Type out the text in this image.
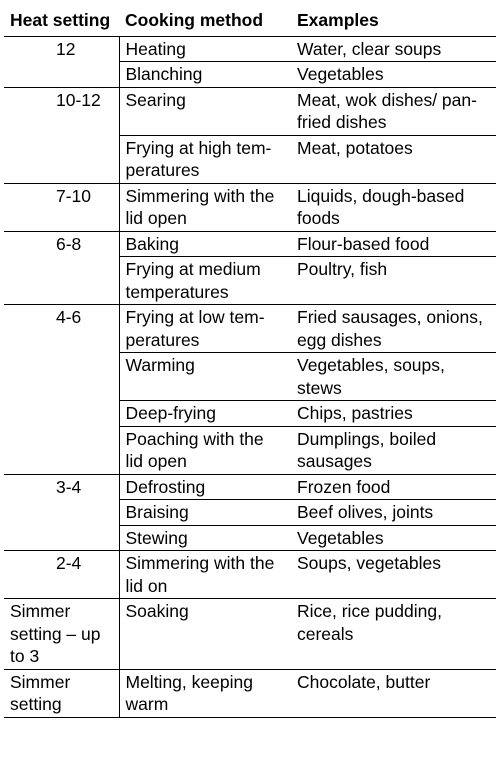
Heat setting	Cooking method	Examples
12	Heating	Water, clear soups
	Blanching	Vegetables
10-12	Searing	Meat, wok dishes/ pan-fried dishes
	Frying at high tem- peratures	Meat, potatoes
7-10	Simmering with the lid open	Liquids, dough-based foods
6-8	Baking	Flour-based food
	Frying at medium temperatures	Poultry, fish
4-6	Frying at low tem- peratures	Fried sausages, onions, egg dishes
	Warming	Vegetables, soups, stews
	Deep-frying	Chips, pastries
	Poaching with the lid open	Dumplings, boiled sausages
3-4	Defrosting	Frozen food
	Braising	Beef olives, joints
	Stewing	Vegetables
2-4	Simmering with the lid on	Soups, vegetables
Simmer setting – up to 3	Soaking	Rice, rice pudding, cereals
Simmer setting	Melting, keeping warm	Chocolate, butter
